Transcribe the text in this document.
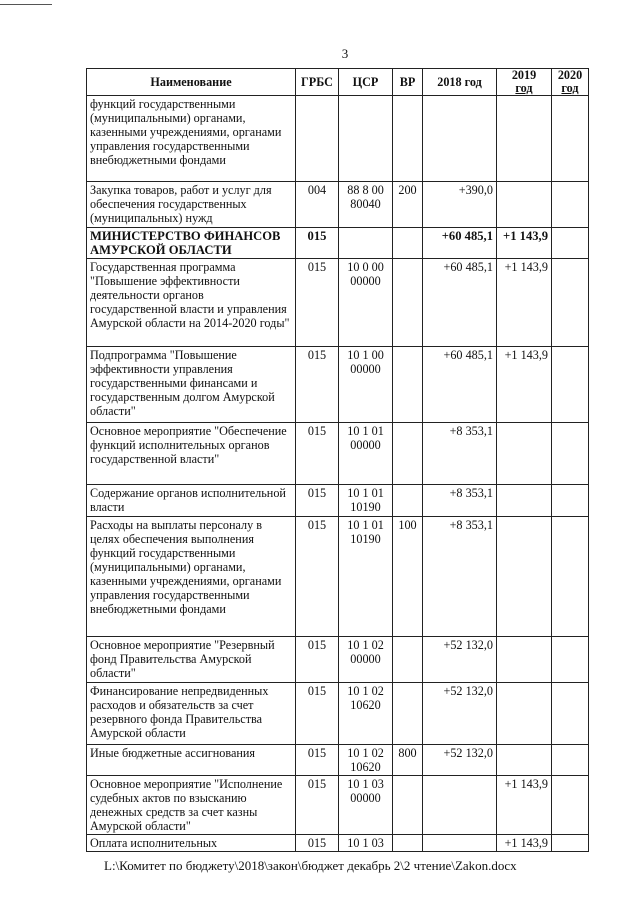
3
Наименование	ГРБС	ЦСР	ВР	2018 год	2019
год	2020
год
функций государственными (муниципальными) органами, казенными учреждениями, органами управления государственными внебюджетными фондами						
Закупка товаров, работ и услуг для обеспечения государственных (муниципальных) нужд	004	88 8 00 80040	200	+390,0		
МИНИСТЕРСТВО ФИНАНСОВ АМУРСКОЙ ОБЛАСТИ	015			+60 485,1	+1 143,9	
Государственная программа "Повышение эффективности деятельности органов государственной власти и управления Амурской области на 2014-2020 годы"	015	10 0 00 00000		+60 485,1	+1 143,9	
Подпрограмма "Повышение эффективности управления государственными финансами и государственным долгом Амурской области"	015	10 1 00 00000		+60 485,1	+1 143,9	
Основное мероприятие "Обеспечение функций исполнительных органов государственной власти"	015	10 1 01 00000		+8 353,1		
Содержание органов исполнительной власти	015	10 1 01 10190		+8 353,1		
Расходы на выплаты персоналу в целях обеспечения выполнения функций государственными (муниципальными) органами, казенными учреждениями, органами управления государственными внебюджетными фондами	015	10 1 01 10190	100	+8 353,1		
Основное мероприятие "Резервный фонд Правительства Амурской области"	015	10 1 02 00000		+52 132,0		
Финансирование непредвиденных расходов и обязательств за счет резервного фонда Правительства Амурской области	015	10 1 02 10620		+52 132,0		
Иные бюджетные ассигнования	015	10 1 02 10620	800	+52 132,0		
Основное мероприятие "Исполнение судебных актов по взысканию денежных средств за счет казны Амурской области"	015	10 1 03 00000			+1 143,9	
Оплата исполнительных	015	10 1 03			+1 143,9	
L:\Комитет по бюджету\2018\закон\бюджет декабрь 2\2 чтение\Zakon.docx
